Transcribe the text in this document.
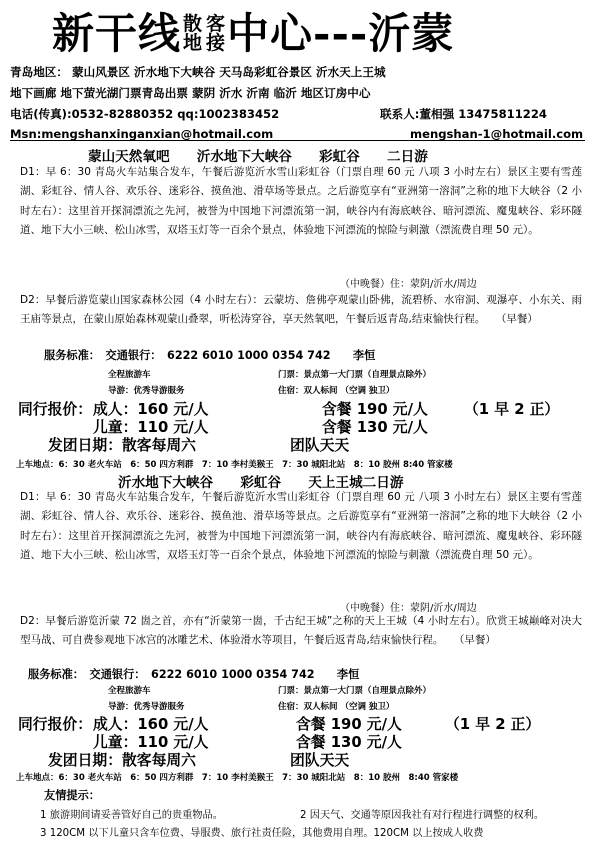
新干线 散
地
客
接 中心---沂蒙
青岛地区： 蒙山风景区 沂水地下大峡谷 天马岛彩虹谷景区 沂水天上王城
地下画廊 地下萤光湖门票青岛出票 蒙阴 沂水 沂南 临沂 地区订房中心
电话(传真):0532-82880352 qq:1002383452	联系人:董相强 13475811224
Msn:mengshanxinganxian@hotmail.com	mengshan-1@hotmail.com
蒙山天然氧吧　　沂水地下大峡谷　　彩虹谷　　二日游
D1：早 6：30 青岛火车站集合发车，午餐后游览沂水雪山彩虹谷（门票自理 60 元 八项 3 小时左右）景区主要有雪莲湖、彩虹谷、情人谷、欢乐谷、迷彩谷、摸鱼池、滑草场等景点。之后游览享有“亚洲第一溶洞”之称的地下大峡谷（2 小时左右）：这里首开探洞漂流之先河，被誉为中国地下河漂流第一洞，峡谷内有海底峡谷、暗河漂流、魔鬼峡谷、彩环隧道、地下大小三峡、松山冰雪，双塔玉灯等一百余个景点，体验地下河漂流的惊险与刺激（漂流费自理 50 元）。
（中晚餐）住：蒙阴/沂水/周边
D2：早餐后游览蒙山国家森林公园（4 小时左右）：云蒙坊、詹佛亭观蒙山卧佛，流碧桥、水帘洞、观瀑亭、小东关、雨王庙等景点，在蒙山原始森林观蒙山叠翠，听松涛穿谷，享天然氧吧，午餐后返青岛,结束愉快行程。　　（早餐）
服务标准：　交通银行：　6222 6010 1000 0354 742　　李恒
全程旅游车	门票：景点第一大门票（自理景点除外）
导游：优秀导游服务	住宿：双人标间 （空调 独卫）
同行报价： 成人：160 元/人	含餐 190 元/人 （1 早 2 正）
儿童：110 元/人	含餐 130 元/人
发团日期：散客每周六	团队天天
上车地点：6：30 老火车站　6：50 四方利群　7：10 李村美猴王　7：30 城阳北站　8：10 胶州 8:40 管家楼
沂水地下大峡谷　　彩虹谷　　天上王城二日游
D1：早 6：30 青岛火车站集合发车，午餐后游览沂水雪山彩虹谷（门票自理 60 元 八项 3 小时左右）景区主要有雪莲湖、彩虹谷、情人谷、欢乐谷、迷彩谷、摸鱼池、滑草场等景点。之后游览享有“亚洲第一溶洞”之称的地下大峡谷（2 小时左右）：这里首开探洞漂流之先河，被誉为中国地下河漂流第一洞，峡谷内有海底峡谷、暗河漂流、魔鬼峡谷、彩环隧道、地下大小三峡、松山冰雪，双塔玉灯等一百余个景点，体验地下河漂流的惊险与刺激（漂流费自理 50 元）。
（中晚餐）住：蒙阴/沂水/周边
D2：早餐后游览沂蒙 72 崮之首，亦有“沂蒙第一崮，千古纪王城”之称的天上王城（4 小时左右）。欣赏王城巅峰对决大型马战、可自费参观地下冰宫的冰雕艺术、体验滑水等项目，午餐后返青岛,结束愉快行程。　　（早餐）
服务标准：　交通银行：　6222 6010 1000 0354 742　　李恒
全程旅游车	门票：景点第一大门票（自理景点除外）
导游：优秀导游服务	住宿：双人标间 （空调 独卫）
同行报价： 成人：160 元/人	含餐 190 元/人	（1 早 2 正）
儿童：110 元/人	含餐 130 元/人
发团日期：散客每周六	团队天天
上车地点：6：30 老火车站　6：50 四方利群　7：10 李村美猴王　7：30 城阳北站　8：10 胶州　8:40 管家楼
友情提示：
1 旅游期间请妥善管好自己的贵重物品。	2 因天气、交通等原因我社有对行程进行调整的权利。
3 120CM 以下儿童只含车位费、导服费、旅行社责任险，其他费用自理。120CM 以上按成人收费
